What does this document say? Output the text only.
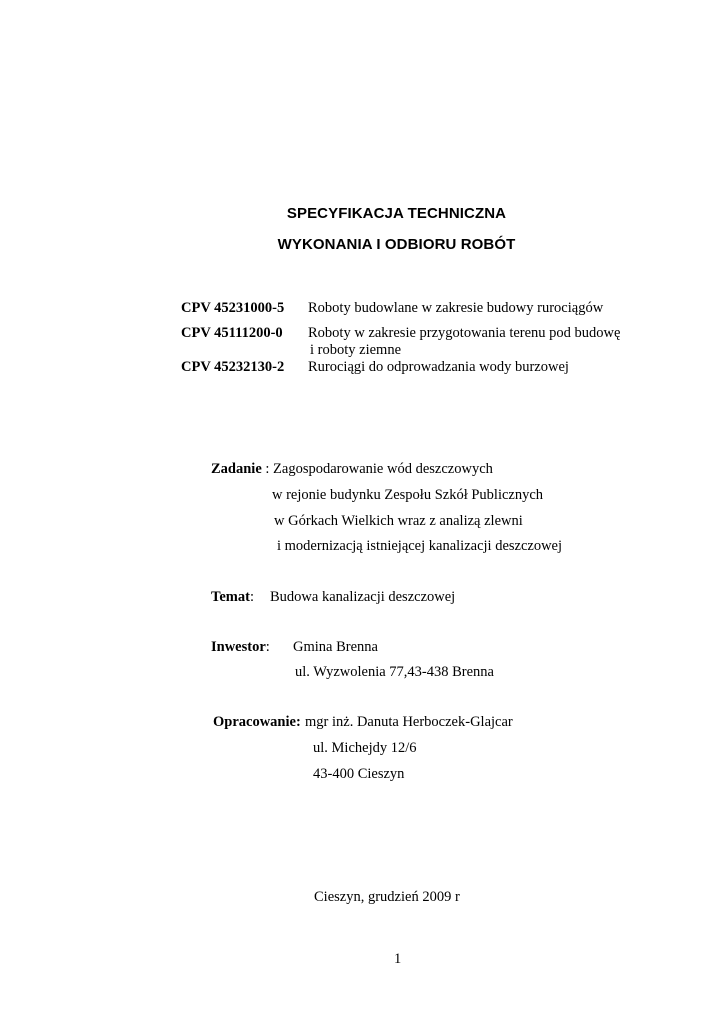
SPECYFIKACJA TECHNICZNA
WYKONANIA I ODBIORU ROBÓT
CPV 45231000-5 Roboty budowlane w zakresie budowy rurociągów
CPV 45111200-0 Roboty w zakresie przygotowania terenu pod budowę
i roboty ziemne
CPV 45232130-2 Rurociągi do odprowadzania wody burzowej
Zadanie : Zagospodarowanie wód deszczowych
w rejonie budynku Zespołu Szkół Publicznych
w Górkach Wielkich wraz z analizą zlewni
i modernizacją istniejącej kanalizacji deszczowej
Temat: Budowa kanalizacji deszczowej
Inwestor: Gmina Brenna
ul. Wyzwolenia 77,43-438 Brenna
Opracowanie: mgr inż. Danuta Herboczek-Glajcar
ul. Michejdy 12/6
43-400 Cieszyn
Cieszyn, grudzień 2009 r
1
